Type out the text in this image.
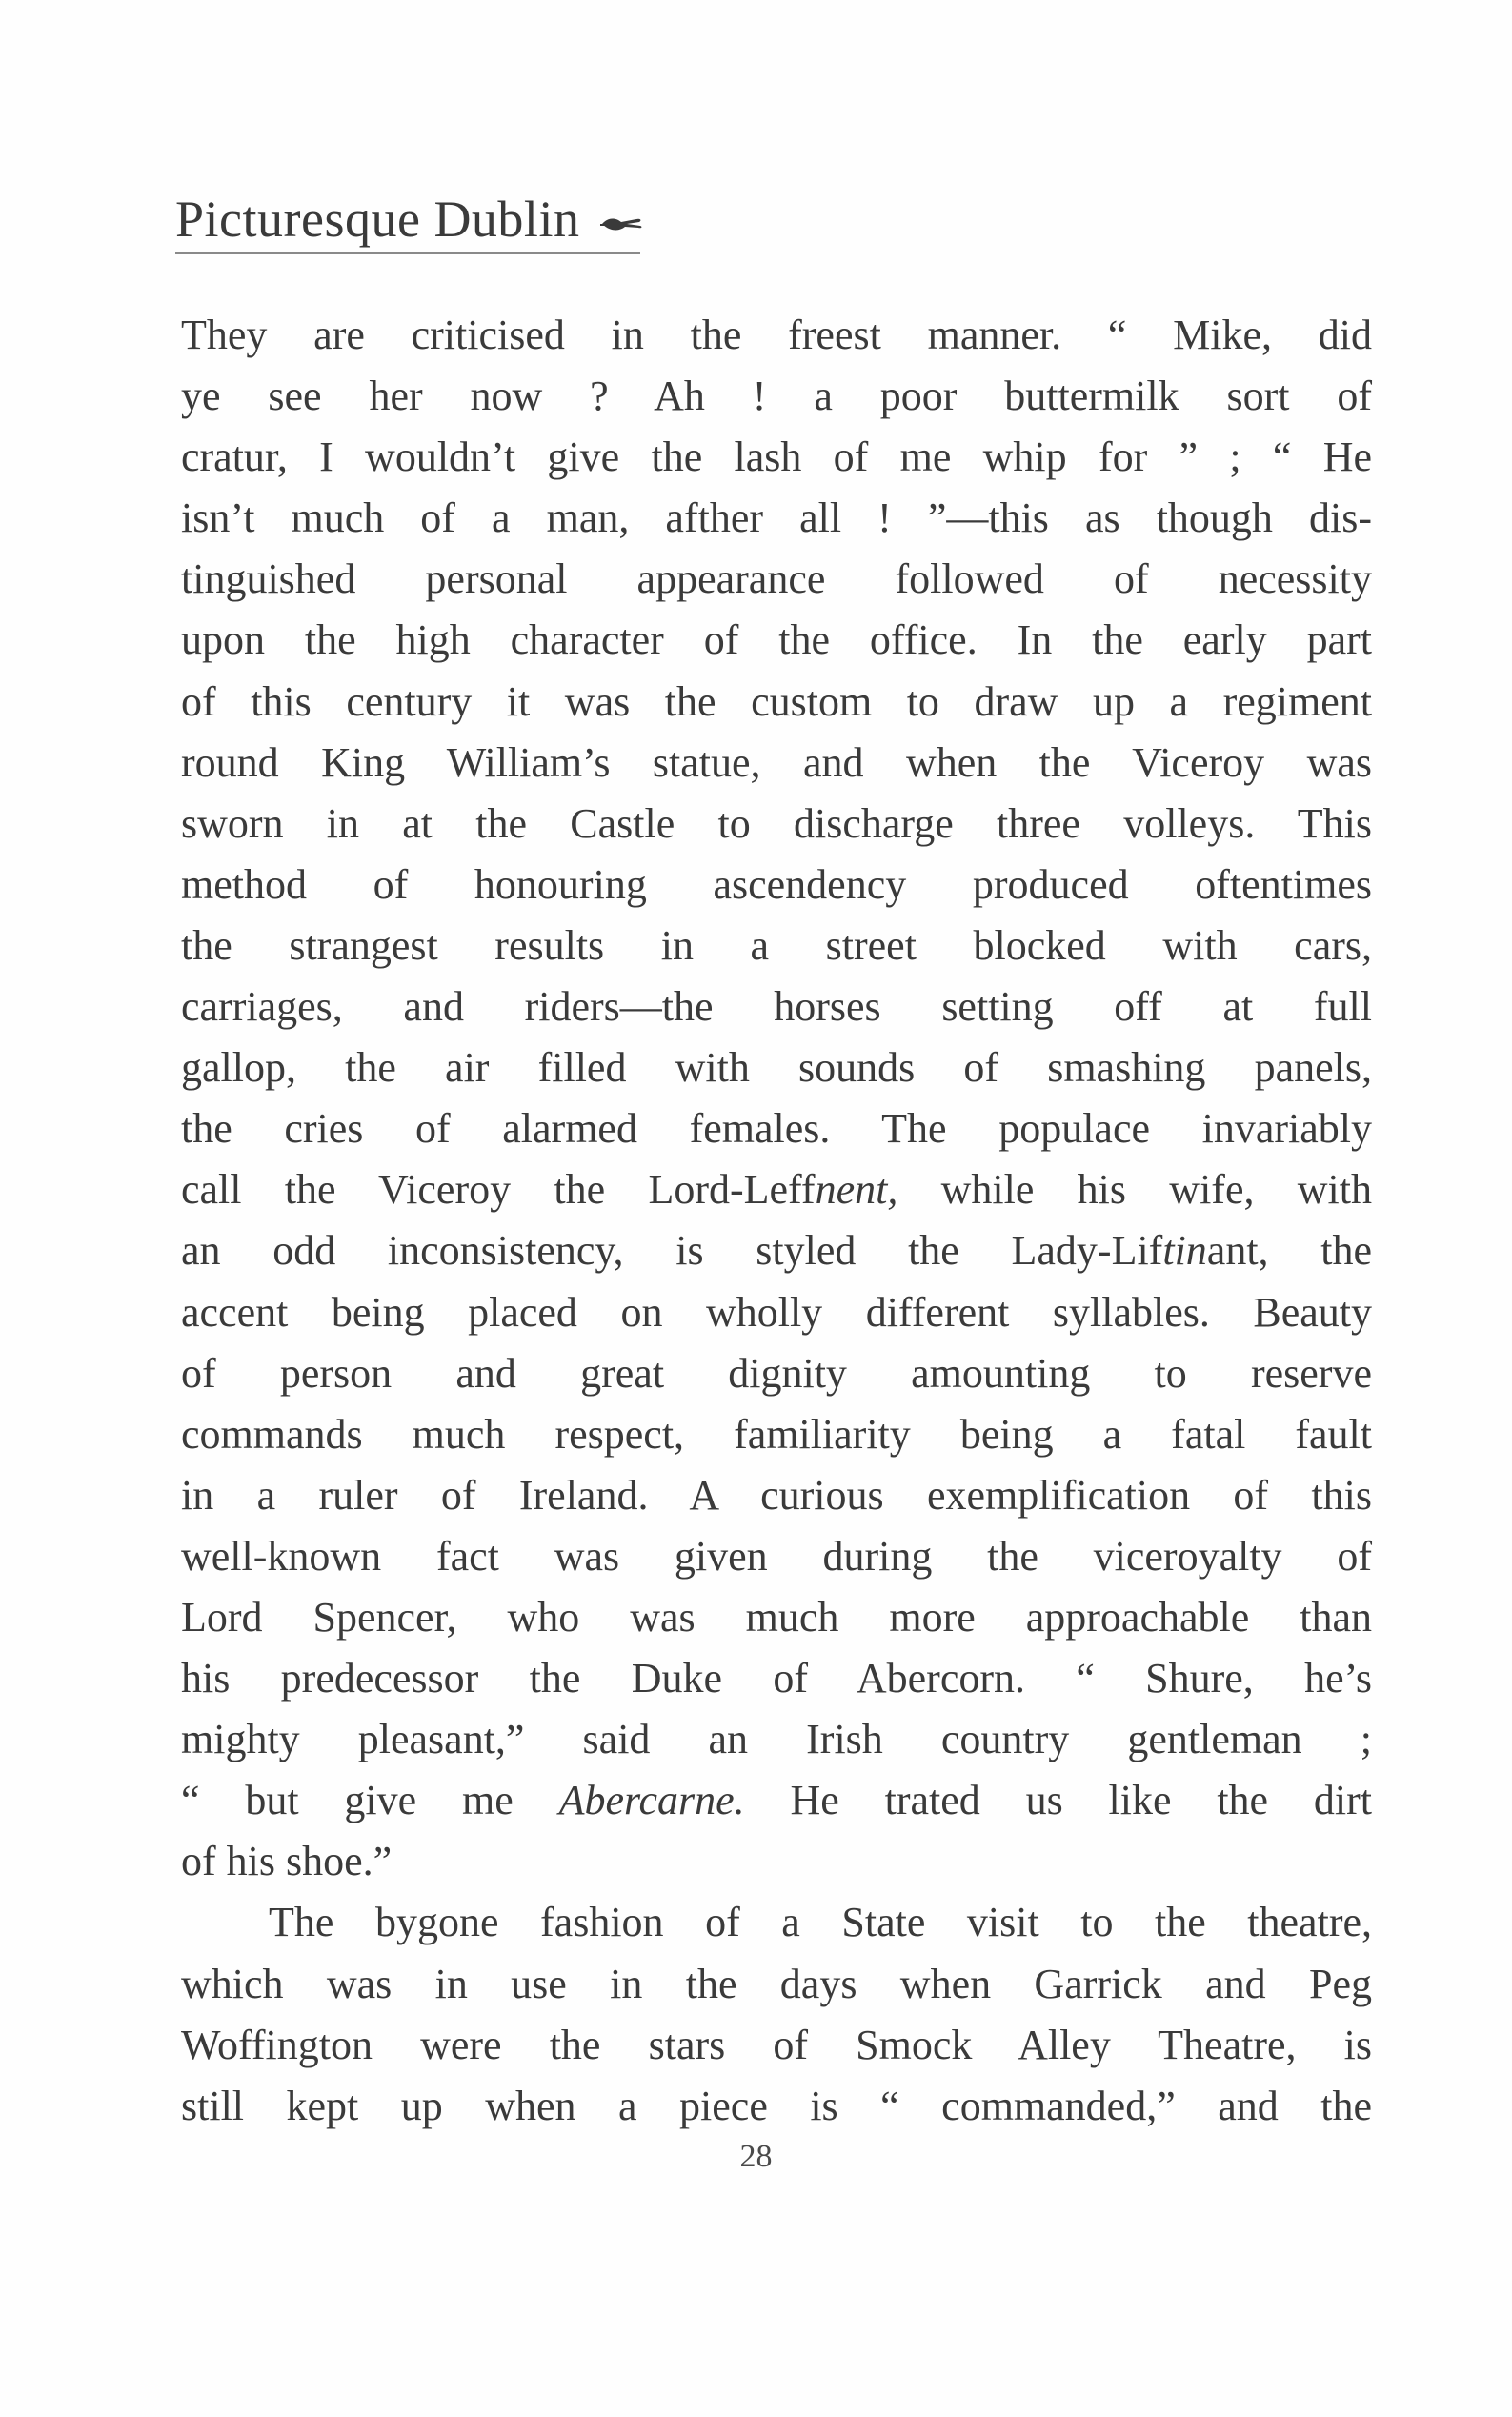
Picturesque Dublin
They are criticised in the freest manner. “ Mike, did
ye see her now ? Ah ! a poor buttermilk sort of
cratur, I wouldn’t give the lash of me whip for ” ; “ He
isn’t much of a man, afther all ! ”—this as though dis-
tinguished personal appearance followed of necessity
upon the high character of the office. In the early part
of this century it was the custom to draw up a regiment
round King William’s statue, and when the Viceroy was
sworn in at the Castle to discharge three volleys. This
method of honouring ascendency produced oftentimes
the strangest results in a street blocked with cars,
carriages, and riders—the horses setting off at full
gallop, the air filled with sounds of smashing panels,
the cries of alarmed females. The populace invariably
call the Viceroy the Lord-Leffnent, while his wife, with
an odd inconsistency, is styled the Lady-Liftinant, the
accent being placed on wholly different syllables. Beauty
of person and great dignity amounting to reserve
commands much respect, familiarity being a fatal fault
in a ruler of Ireland. A curious exemplification of this
well-known fact was given during the viceroyalty of
Lord Spencer, who was much more approachable than
his predecessor the Duke of Abercorn. “ Shure, he’s
mighty pleasant,” said an Irish country gentleman ;
“ but give me Abercarne. He trated us like the dirt
of his shoe.”
The bygone fashion of a State visit to the theatre,
which was in use in the days when Garrick and Peg
Woffington were the stars of Smock Alley Theatre, is
still kept up when a piece is “ commanded,” and the
28
